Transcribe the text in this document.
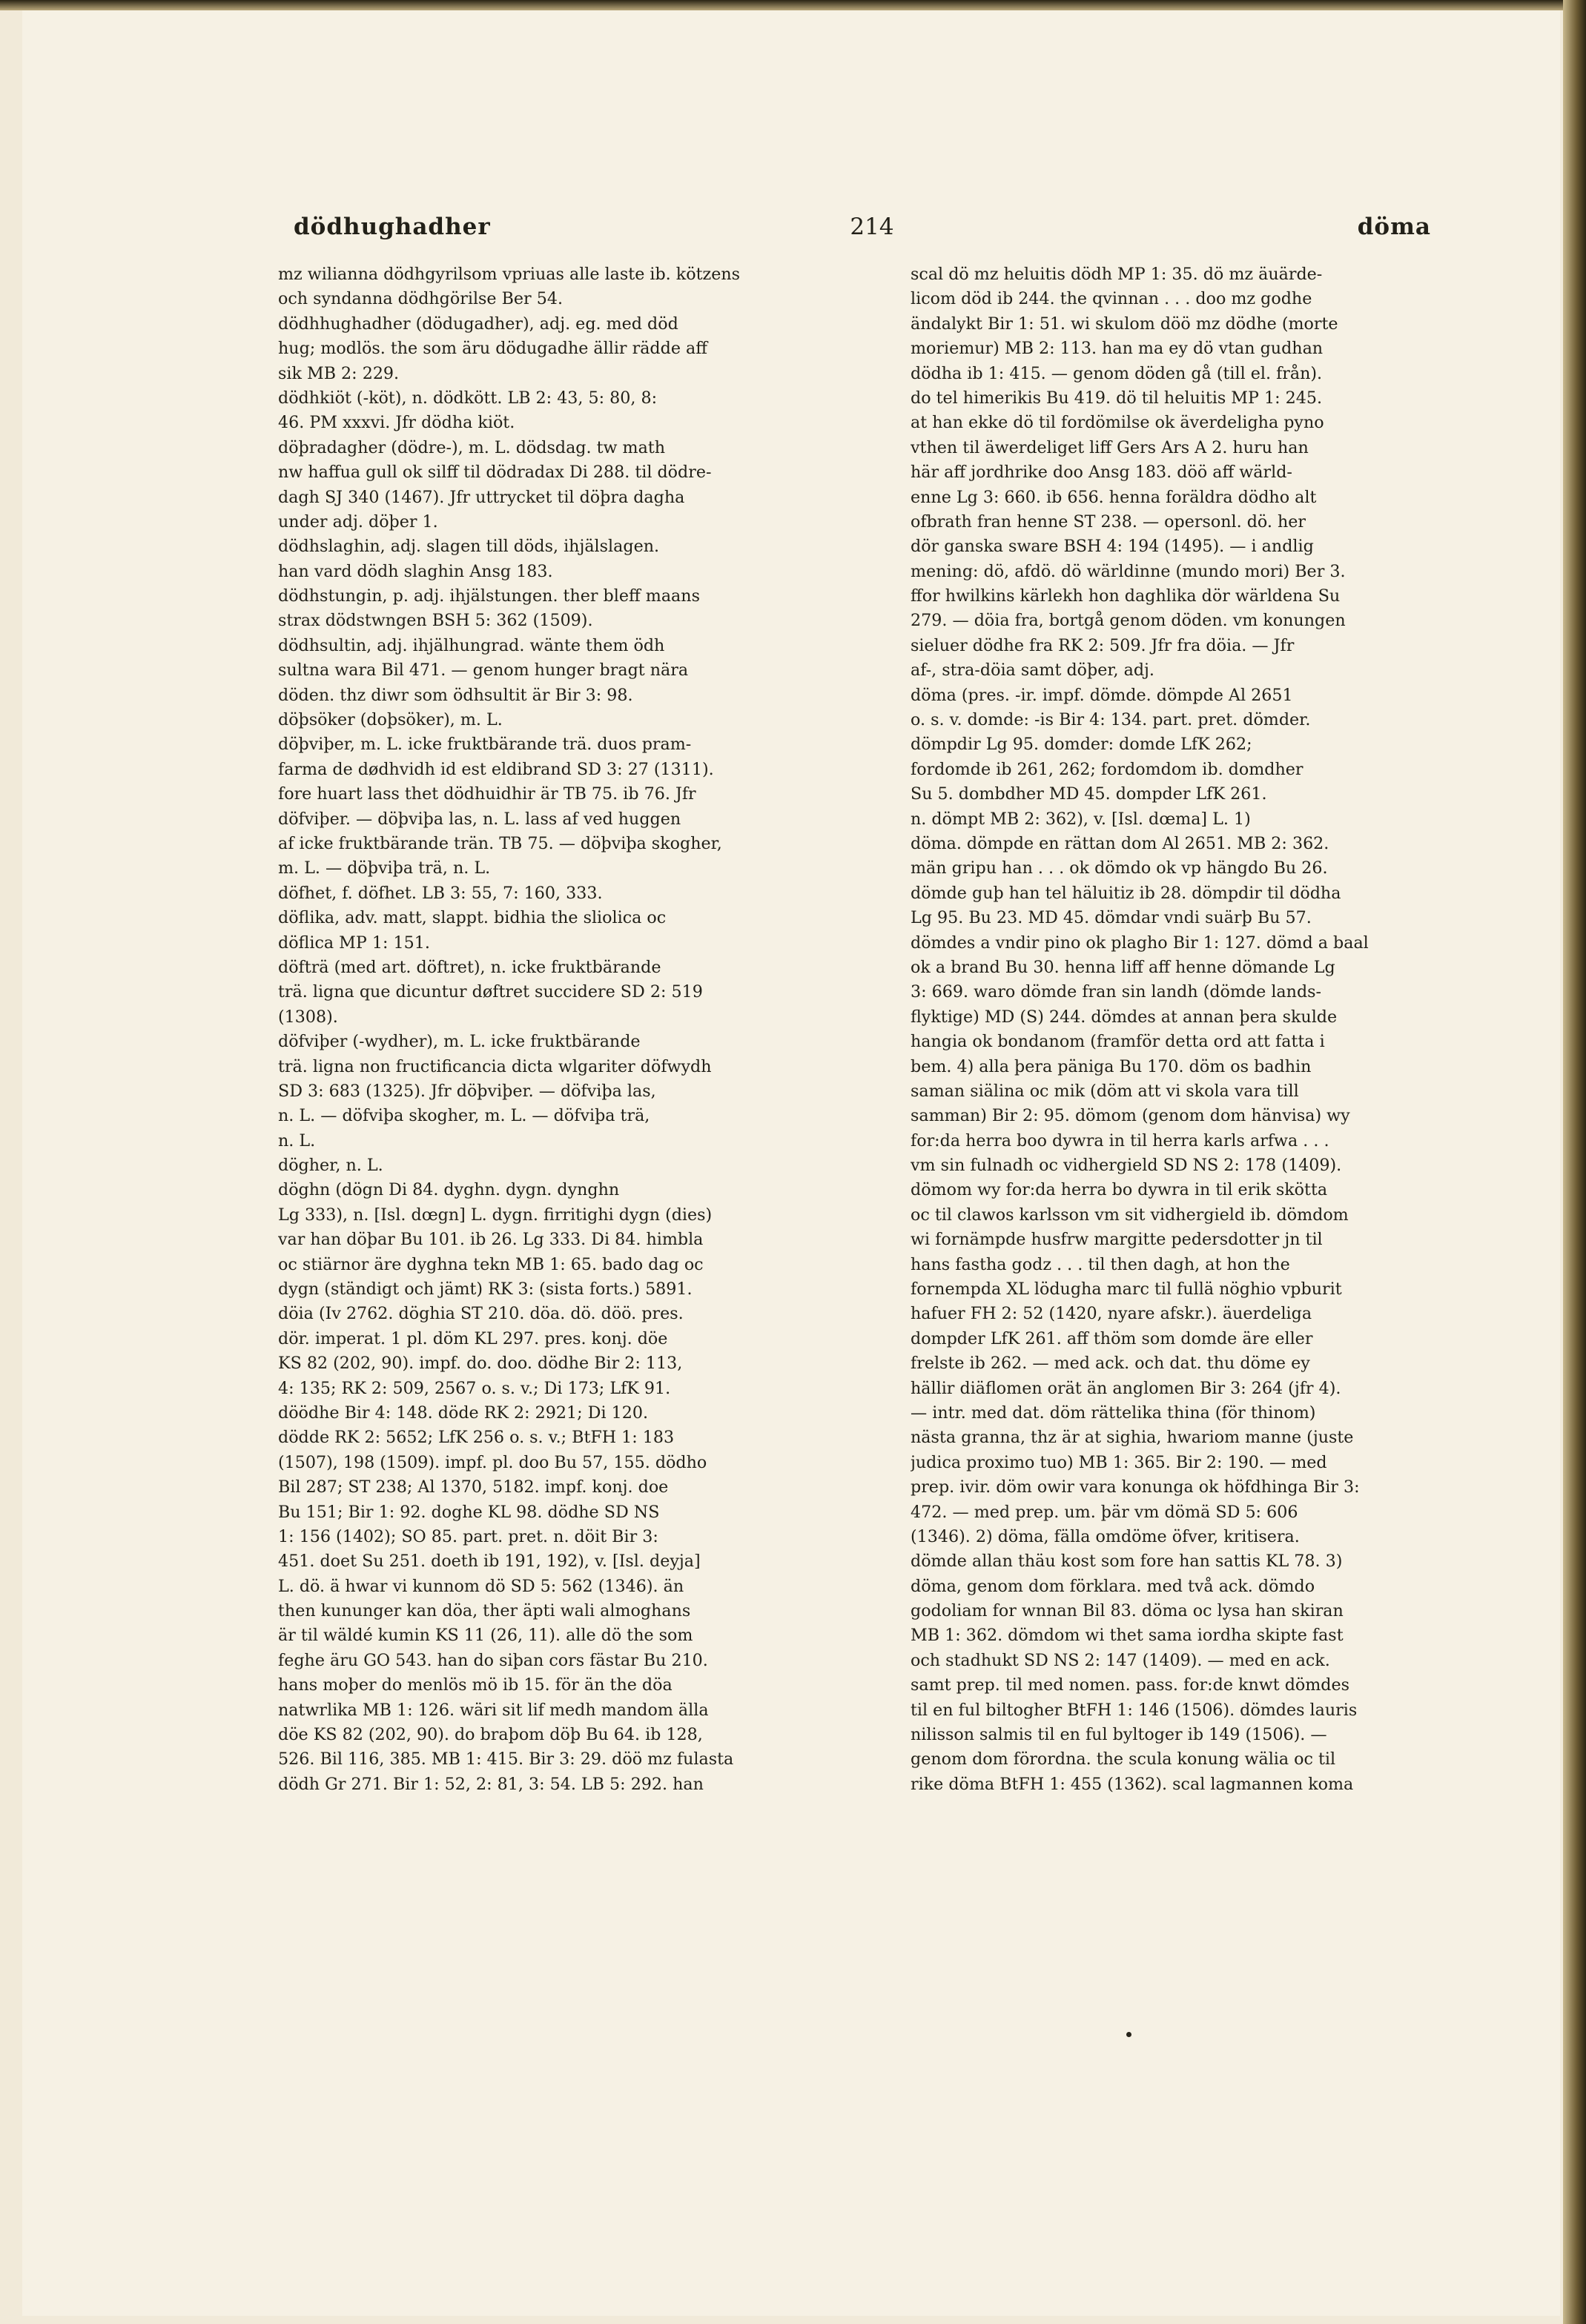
dödhughadher	214	döma
mz wilianna dödhgyrilsom vpriuas alle laste ib. kötzens
och syndanna dödhgörilse Ber 54.
dödhhughadher (dödugadher), adj. eg. med död
hug; modlös. the som äru dödugadhe ällir rädde aff
sik MB 2: 229.
dödhkiöt (-köt), n. dödkött. LB 2: 43, 5: 80, 8:
46. PM xxxvi. Jfr dödha kiöt.
döþradagher (dödre-), m. L. dödsdag. tw math
nw haffua gull ok silff til dödradax Di 288. til dödre-
dagh SJ 340 (1467). Jfr uttrycket til döþra dagha
under adj. döþer 1.
dödhslaghin, adj. slagen till döds, ihjälslagen.
han vard dödh slaghin Ansg 183.
dödhstungin, p. adj. ihjälstungen. ther bleff maans
strax dödstwngen BSH 5: 362 (1509).
dödhsultin, adj. ihjälhungrad. wänte them ödh
sultna wara Bil 471. — genom hunger bragt nära
döden. thz diwr som ödhsultit är Bir 3: 98.
döþsöker (doþsöker), m. L.
döþviþer, m. L. icke fruktbärande trä. duos pram-
farma de dødhvidh id est eldibrand SD 3: 27 (1311).
fore huart lass thet dödhuidhir är TB 75. ib 76. Jfr
döfviþer. — döþviþa las, n. L. lass af ved huggen
af icke fruktbärande trän. TB 75. — döþviþa skogher,
m. L. — döþviþa trä, n. L.
döfhet, f. döfhet. LB 3: 55, 7: 160, 333.
döflika, adv. matt, slappt. bidhia the sliolica oc
döflica MP 1: 151.
döfträ (med art. döftret), n. icke fruktbärande
trä. ligna que dicuntur døftret succidere SD 2: 519
(1308).
döfviþer (-wydher), m. L. icke fruktbärande
trä. ligna non fructificancia dicta wlgariter döfwydh
SD 3: 683 (1325). Jfr döþviþer. — döfviþa las,
n. L. — döfviþa skogher, m. L. — döfviþa trä,
n. L.
dögher, n. L.
döghn (dögn Di 84. dyghn. dygn. dynghn
Lg 333), n. [Isl. dœgn] L. dygn. firritighi dygn (dies)
var han döþar Bu 101. ib 26. Lg 333. Di 84. himbla
oc stiärnor äre dyghna tekn MB 1: 65. bado dag oc
dygn (ständigt och jämt) RK 3: (sista forts.) 5891.
döia (Iv 2762. döghia ST 210. döa. dö. döö. pres.
dör. imperat. 1 pl. döm KL 297. pres. konj. döe
KS 82 (202, 90). impf. do. doo. dödhe Bir 2: 113,
4: 135; RK 2: 509, 2567 o. s. v.; Di 173; LfK 91.
döödhe Bir 4: 148. döde RK 2: 2921; Di 120.
dödde RK 2: 5652; LfK 256 o. s. v.; BtFH 1: 183
(1507), 198 (1509). impf. pl. doo Bu 57, 155. dödho
Bil 287; ST 238; Al 1370, 5182. impf. konj. doe
Bu 151; Bir 1: 92. doghe KL 98. dödhe SD NS
1: 156 (1402); SO 85. part. pret. n. döit Bir 3:
451. doet Su 251. doeth ib 191, 192), v. [Isl. deyja]
L. dö. ä hwar vi kunnom dö SD 5: 562 (1346). än
then kununger kan döa, ther äpti wali almoghans
är til wäldé kumin KS 11 (26, 11). alle dö the som
feghe äru GO 543. han do siþan cors fästar Bu 210.
hans moþer do menlös mö ib 15. för än the döa
natwrlika MB 1: 126. wäri sit lif medh mandom älla
döe KS 82 (202, 90). do braþom döþ Bu 64. ib 128,
526. Bil 116, 385. MB 1: 415. Bir 3: 29. döö mz fulasta
dödh Gr 271. Bir 1: 52, 2: 81, 3: 54. LB 5: 292. han
scal dö mz heluitis dödh MP 1: 35. dö mz äuärde-
licom död ib 244. the qvinnan . . . doo mz godhe
ändalykt Bir 1: 51. wi skulom döö mz dödhe (morte
moriemur) MB 2: 113. han ma ey dö vtan gudhan
dödha ib 1: 415. — genom döden gå (till el. från).
do tel himerikis Bu 419. dö til heluitis MP 1: 245.
at han ekke dö til fordömilse ok äverdeligha pyno
vthen til äwerdeliget liff Gers Ars A 2. huru han
här aff jordhrike doo Ansg 183. döö aff wärld-
enne Lg 3: 660. ib 656. henna foräldra dödho alt
ofbrath fran henne ST 238. — opersonl. dö. her
dör ganska sware BSH 4: 194 (1495). — i andlig
mening: dö, afdö. dö wärldinne (mundo mori) Ber 3.
ffor hwilkins kärlekh hon daghlika dör wärldena Su
279. — döia fra, bortgå genom döden. vm konungen
sieluer dödhe fra RK 2: 509. Jfr fra döia. — Jfr
af-, stra-döia samt döþer, adj.
döma (pres. -ir. impf. dömde. dömpde Al 2651
o. s. v. domde: -is Bir 4: 134. part. pret. dömder.
dömpdir Lg 95. domder: domde LfK 262;
fordomde ib 261, 262; fordomdom ib. domdher
Su 5. dombdher MD 45. dompder LfK 261.
n. dömpt MB 2: 362), v. [Isl. dœma] L. 1)
döma. dömpde en rättan dom Al 2651. MB 2: 362.
män gripu han . . . ok dömdo ok vp hängdo Bu 26.
dömde guþ han tel häluitiz ib 28. dömpdir til dödha
Lg 95. Bu 23. MD 45. dömdar vndi suärþ Bu 57.
dömdes a vndir pino ok plagho Bir 1: 127. dömd a baal
ok a brand Bu 30. henna liff aff henne dömande Lg
3: 669. waro dömde fran sin landh (dömde lands-
flyktige) MD (S) 244. dömdes at annan þera skulde
hangia ok bondanom (framför detta ord att fatta i
bem. 4) alla þera päniga Bu 170. döm os badhin
saman siälina oc mik (döm att vi skola vara till
samman) Bir 2: 95. dömom (genom dom hänvisa) wy
for:da herra boo dywra in til herra karls arfwa . . .
vm sin fulnadh oc vidhergield SD NS 2: 178 (1409).
dömom wy for:da herra bo dywra in til erik skötta
oc til clawos karlsson vm sit vidhergield ib. dömdom
wi fornämpde husfrw margitte pedersdotter jn til
hans fastha godz . . . til then dagh, at hon the
fornempda XL lödugha marc til fullä nöghio vpburit
hafuer FH 2: 52 (1420, nyare afskr.). äuerdeliga
dompder LfK 261. aff thöm som domde äre eller
frelste ib 262. — med ack. och dat. thu döme ey
hällir diäflomen orät än anglomen Bir 3: 264 (jfr 4).
— intr. med dat. döm rättelika thina (för thinom)
nästa granna, thz är at sighia, hwariom manne (juste
judica proximo tuo) MB 1: 365. Bir 2: 190. — med
prep. ivir. döm owir vara konunga ok höfdhinga Bir 3:
472. — med prep. um. þär vm dömä SD 5: 606
(1346). 2) döma, fälla omdöme öfver, kritisera.
dömde allan thäu kost som fore han sattis KL 78. 3)
döma, genom dom förklara. med två ack. dömdo
godoliam for wnnan Bil 83. döma oc lysa han skiran
MB 1: 362. dömdom wi thet sama iordha skipte fast
och stadhukt SD NS 2: 147 (1409). — med en ack.
samt prep. til med nomen. pass. for:de knwt dömdes
til en ful biltogher BtFH 1: 146 (1506). dömdes lauris
nilisson salmis til en ful byltoger ib 149 (1506). —
genom dom förordna. the scula konung wälia oc til
rike döma BtFH 1: 455 (1362). scal lagmannen koma
